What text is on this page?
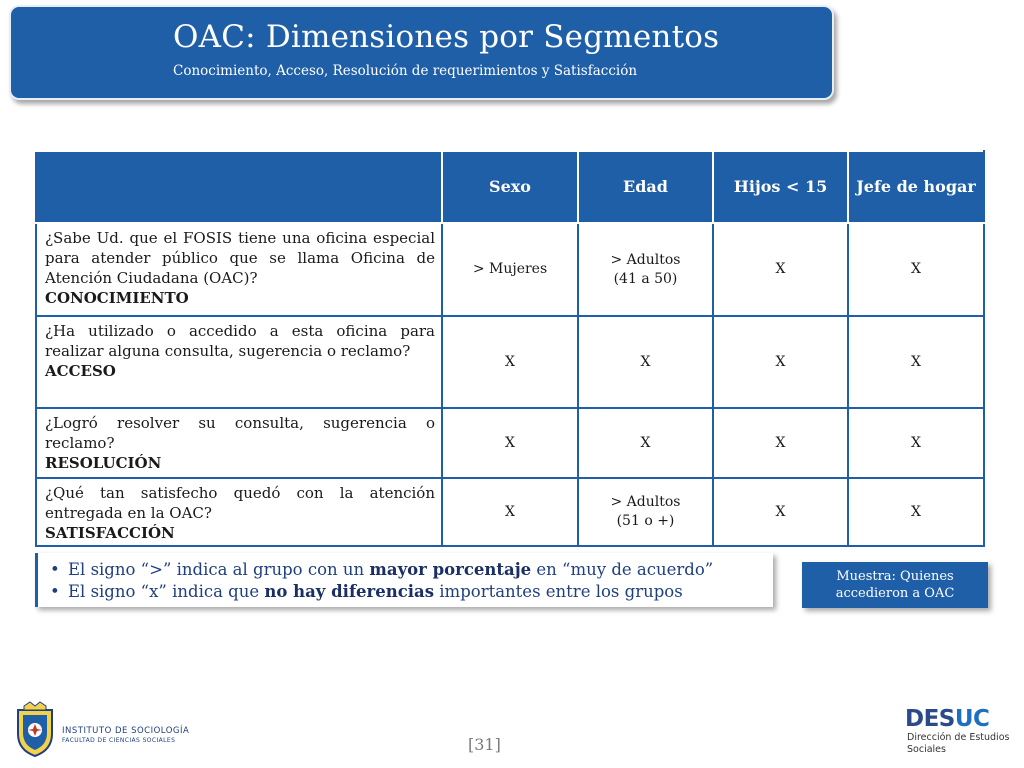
OAC: Dimensiones por Segmentos
Conocimiento, Acceso, Resolución de requerimientos y Satisfacción
	Sexo	Edad	Hijos < 15	Jefe de hogar
¿Sabe Ud. que el FOSIS tiene una oficina especial para atender público que se llama Oficina de Atención Ciudadana (OAC)?
CONOCIMIENTO	> Mujeres	> Adultos (41 a 50)	X	X
¿Ha utilizado o accedido a esta oficina para realizar alguna consulta, sugerencia o reclamo?
ACCESO	X	X	X	X
¿Logró resolver su consulta, sugerencia o reclamo?
RESOLUCIÓN	X	X	X	X
¿Qué tan satisfecho quedó con la atención entregada en la OAC?
SATISFACCIÓN	X	> Adultos (51 o +)	X	X
• El signo “>” indica al grupo con un mayor porcentaje en “muy de acuerdo”
• El signo “x” indica que no hay diferencias importantes entre los grupos
Muestra: Quienes accedieron a OAC
INSTITUTO DE SOCIOLOGÍA
FACULTAD DE CIENCIAS SOCIALES	[31]
DESUC
Dirección de Estudios Sociales
